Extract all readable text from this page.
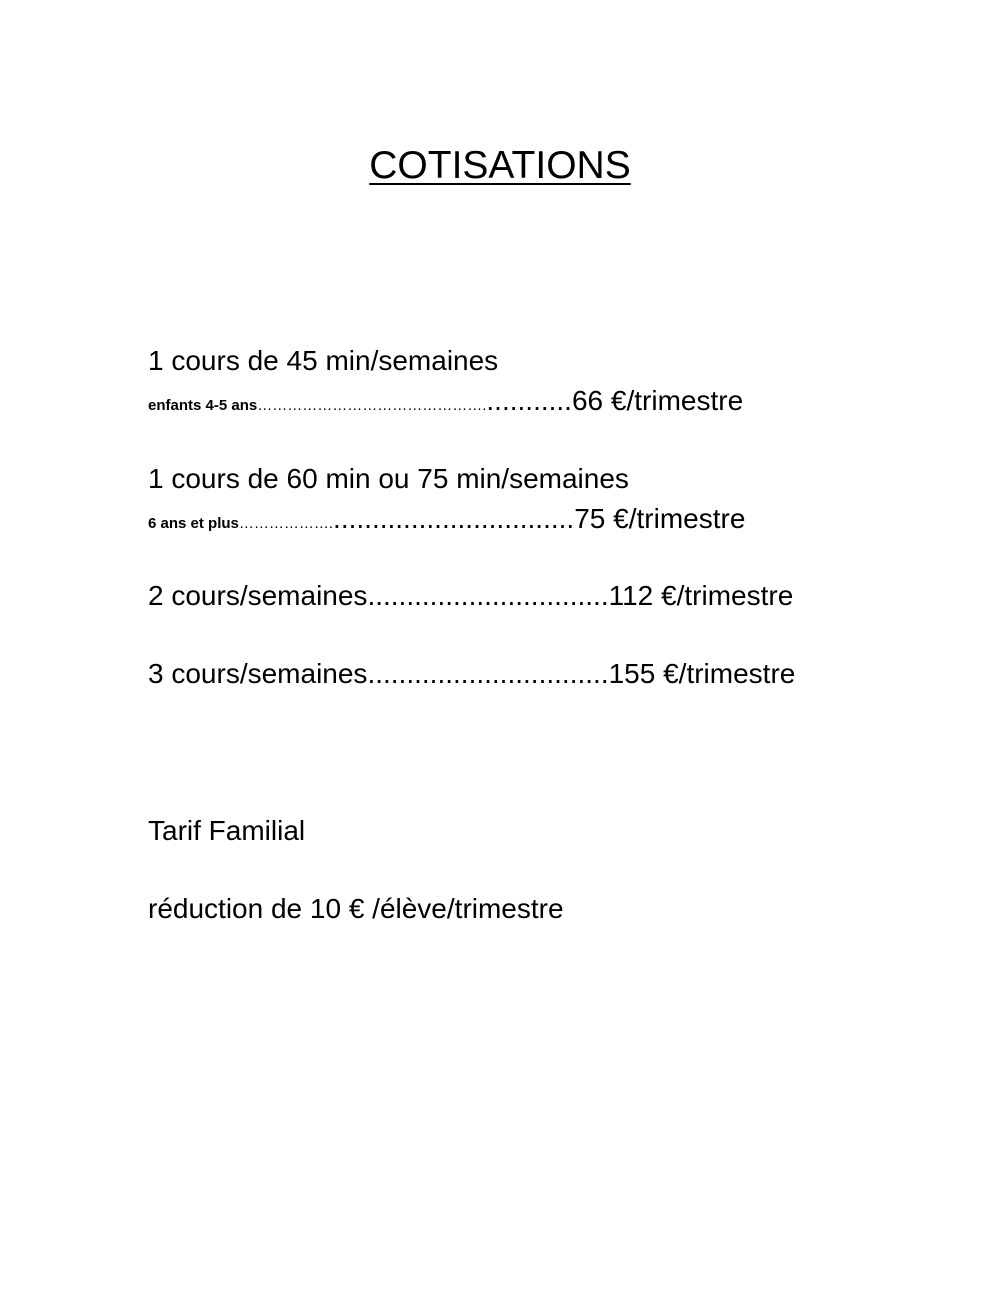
COTISATIONS
1 cours de 45 min/semaines
enfants 4-5 ans………………………………………............66 €/trimestre
1 cours de 60 min ou 75 min/semaines
6 ans et plus………………................................75 €/trimestre
2 cours/semaines...............................112 €/trimestre
3 cours/semaines...............................155 €/trimestre
Tarif Familial
réduction de 10 € /élève/trimestre
